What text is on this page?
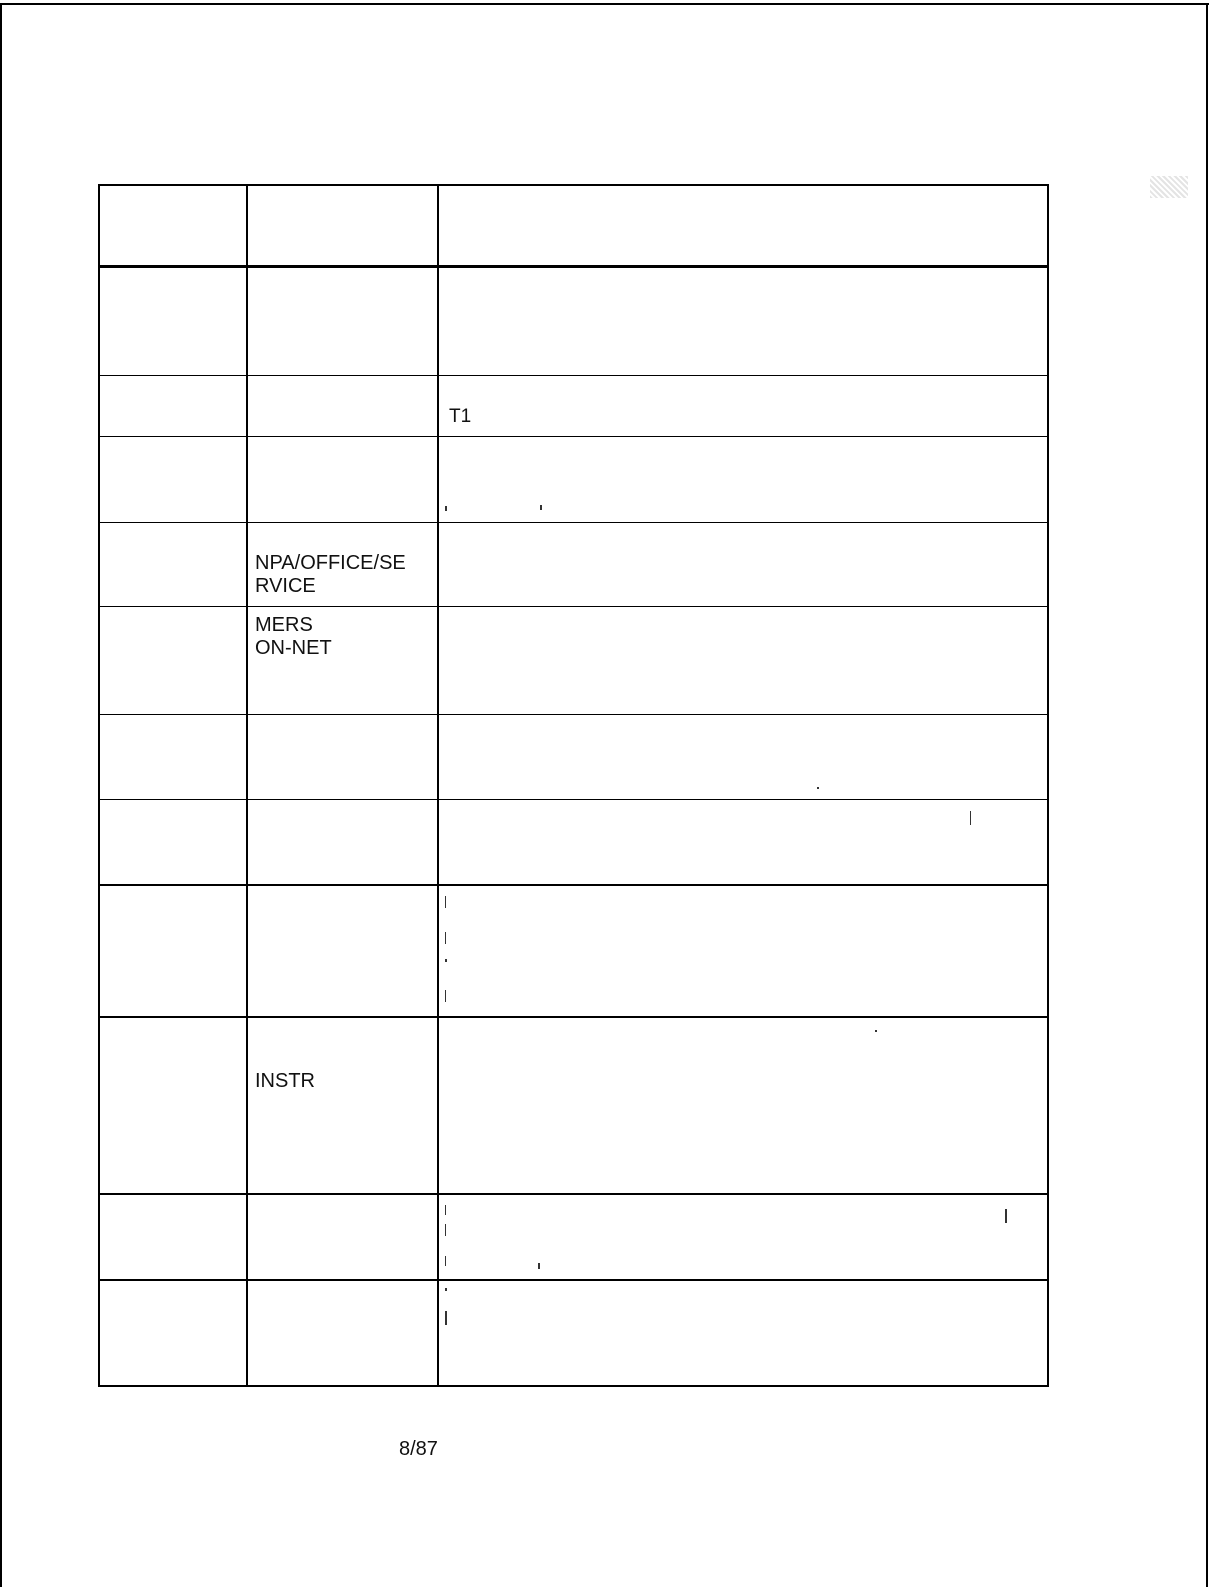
NPA/OFFICE/SE
RVICE
MERS
ON-NET
INSTR
T1
8/87
